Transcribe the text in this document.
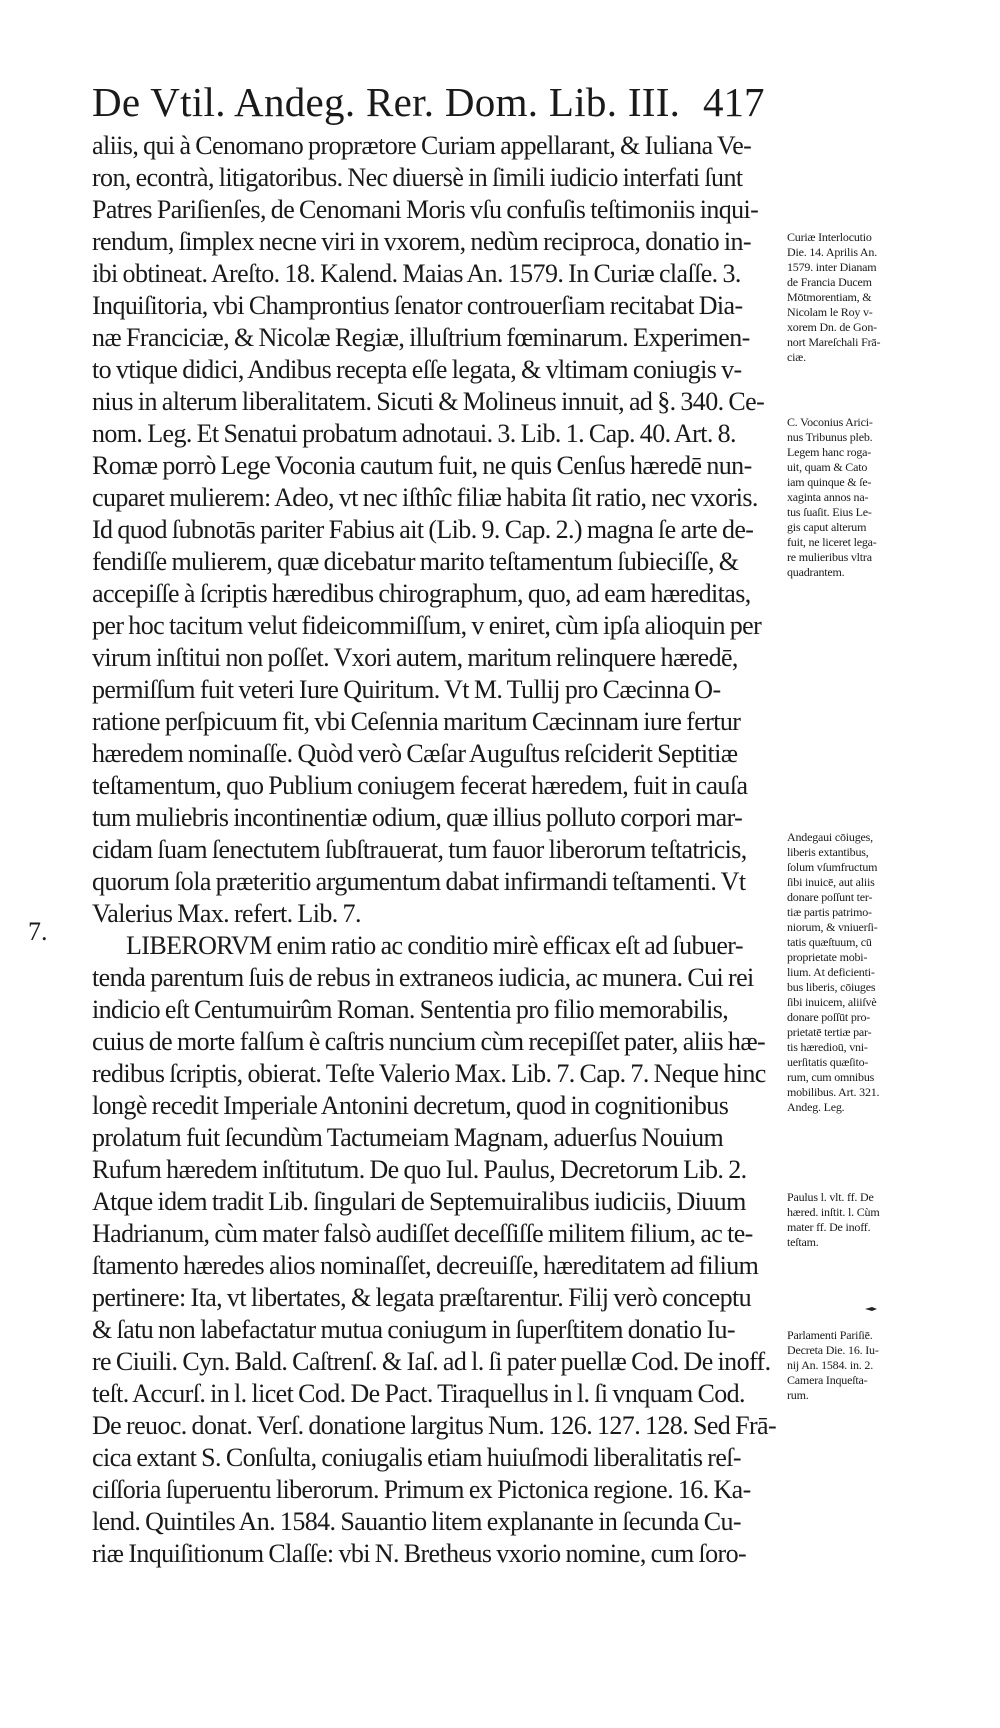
De Vtil. Andeg. Rer. Dom. Lib. III. 417
7.
aliis, qui à Cenomano proprætore Curiam appellarant, & Iuliana Ve-
ron, econtrà, litigatoribus. Nec diuersè in ſimili iudicio interfati ſunt
Patres Pariſienſes, de Cenomani Moris vſu confuſis teſtimoniis inqui-
rendum, ſimplex necne viri in vxorem, nedùm reciproca, donatio in-
ibi obtineat. Areſto. 18. Kalend. Maias An. 1579. In Curiæ claſſe. 3.
Inquiſitoria, vbi Champrontius ſenator controuerſiam recitabat Dia-
næ Franciciæ, & Nicolæ Regiæ, illuſtrium fœminarum. Experimen-
to vtique didici, Andibus recepta eſſe legata, & vltimam coniugis v-
nius in alterum liberalitatem. Sicuti & Molineus innuit, ad §. 340. Ce-
nom. Leg. Et Senatui probatum adnotaui. 3. Lib. 1. Cap. 40. Art. 8.
Romæ porrò Lege Voconia cautum fuit, ne quis Cenſus hæredē nun-
cuparet mulierem: Adeo, vt nec iſthîc filiæ habita ſit ratio, nec vxoris.
Id quod ſubnotās pariter Fabius ait (Lib. 9. Cap. 2.) magna ſe arte de-
fendiſſe mulierem, quæ dicebatur marito teſtamentum ſubieciſſe, &
accepiſſe à ſcriptis hæredibus chirographum, quo, ad eam hæreditas,
per hoc tacitum velut fideicommiſſum, v eniret, cùm ipſa alioquin per
virum inſtitui non poſſet. Vxori autem, maritum relinquere hæredē,
permiſſum fuit veteri Iure Quiritum. Vt M. Tullij pro Cæcinna O-
ratione perſpicuum fit, vbi Ceſennia maritum Cæcinnam iure fertur
hæredem nominaſſe. Quòd verò Cæſar Auguſtus reſciderit Septitiæ
teſtamentum, quo Publium coniugem fecerat hæredem, fuit in cauſa
tum muliebris incontinentiæ odium, quæ illius polluto corpori mar-
cidam ſuam ſenectutem ſubſtrauerat, tum fauor liberorum teſtatricis,
quorum ſola præteritio argumentum dabat infirmandi teſtamenti. Vt
Valerius Max. refert. Lib. 7.
LIBERORVM enim ratio ac conditio mirè efficax eſt ad ſubuer-
tenda parentum ſuis de rebus in extraneos iudicia, ac munera. Cui rei
indicio eſt Centumuirûm Roman. Sententia pro filio memorabilis,
cuius de morte falſum è caſtris nuncium cùm recepiſſet pater, aliis hæ-
redibus ſcriptis, obierat. Teſte Valerio Max. Lib. 7. Cap. 7. Neque hinc
longè recedit Imperiale Antonini decretum, quod in cognitionibus
prolatum fuit ſecundùm Tactumeiam Magnam, aduerſus Nouium
Rufum hæredem inſtitutum. De quo Iul. Paulus, Decretorum Lib. 2.
Atque idem tradit Lib. ſingulari de Septemuiralibus iudiciis, Diuum
Hadrianum, cùm mater falsò audiſſet deceſſiſſe militem filium, ac te-
ſtamento hæredes alios nominaſſet, decreuiſſe, hæreditatem ad filium
pertinere: Ita, vt libertates, & legata præſtarentur. Filij verò conceptu
& ſatu non labefactatur mutua coniugum in ſuperſtitem donatio Iu-
re Ciuili. Cyn. Bald. Caſtrenſ. & Iaſ. ad l. ſi pater puellæ Cod. De inoff.
teſt. Accurſ. in l. licet Cod. De Pact. Tiraquellus in l. ſi vnquam Cod.
De reuoc. donat. Verſ. donatione largitus Num. 126. 127. 128. Sed Frā-
cica extant S. Conſulta, coniugalis etiam huiuſmodi liberalitatis reſ-
ciſſoria ſuperuentu liberorum. Primum ex Pictonica regione. 16. Ka-
lend. Quintiles An. 1584. Sauantio litem explanante in ſecunda Cu-
riæ Inquiſitionum Claſſe: vbi N. Bretheus vxorio nomine, cum ſoro-
Curiæ Interlocutio
Die. 14. Aprilis An.
1579. inter Dianam
de Francia Ducem
Mōtmorentiam, &
Nicolam le Roy v-
xorem Dn. de Gon-
nort Mareſchali Frā-
ciæ.
C. Voconius Arici-
nus Tribunus pleb.
Legem hanc roga-
uit, quam & Cato
iam quinque & ſe-
xaginta annos na-
tus ſuaſit. Eius Le-
gis caput alterum
fuit, ne liceret lega-
re mulieribus vltra
quadrantem.
Andegaui cōiuges,
liberis extantibus,
ſolum vſumfructum
ſibi inuicē, aut aliis
donare poſſunt ter-
tiæ partis patrimo-
niorum, & vniuerſi-
tatis quæſtuum, cū
proprietate mobi-
lium. At deficienti-
bus liberis, cōiuges
ſibi inuicem, aliiſvè
donare poſſūt pro-
prietatē tertiæ par-
tis hæredioū, vni-
uerſitatis quæſito-
rum, cum omnibus
mobilibus. Art. 321.
Andeg. Leg.
Paulus l. vlt. ff. De
hæred. inſtit. l. Cùm
mater ff. De inoff.
teſtam.
Parlamenti Pariſiē.
Decreta Die. 16. Iu-
nij An. 1584. in. 2.
Camera Inqueſta-
rum.
